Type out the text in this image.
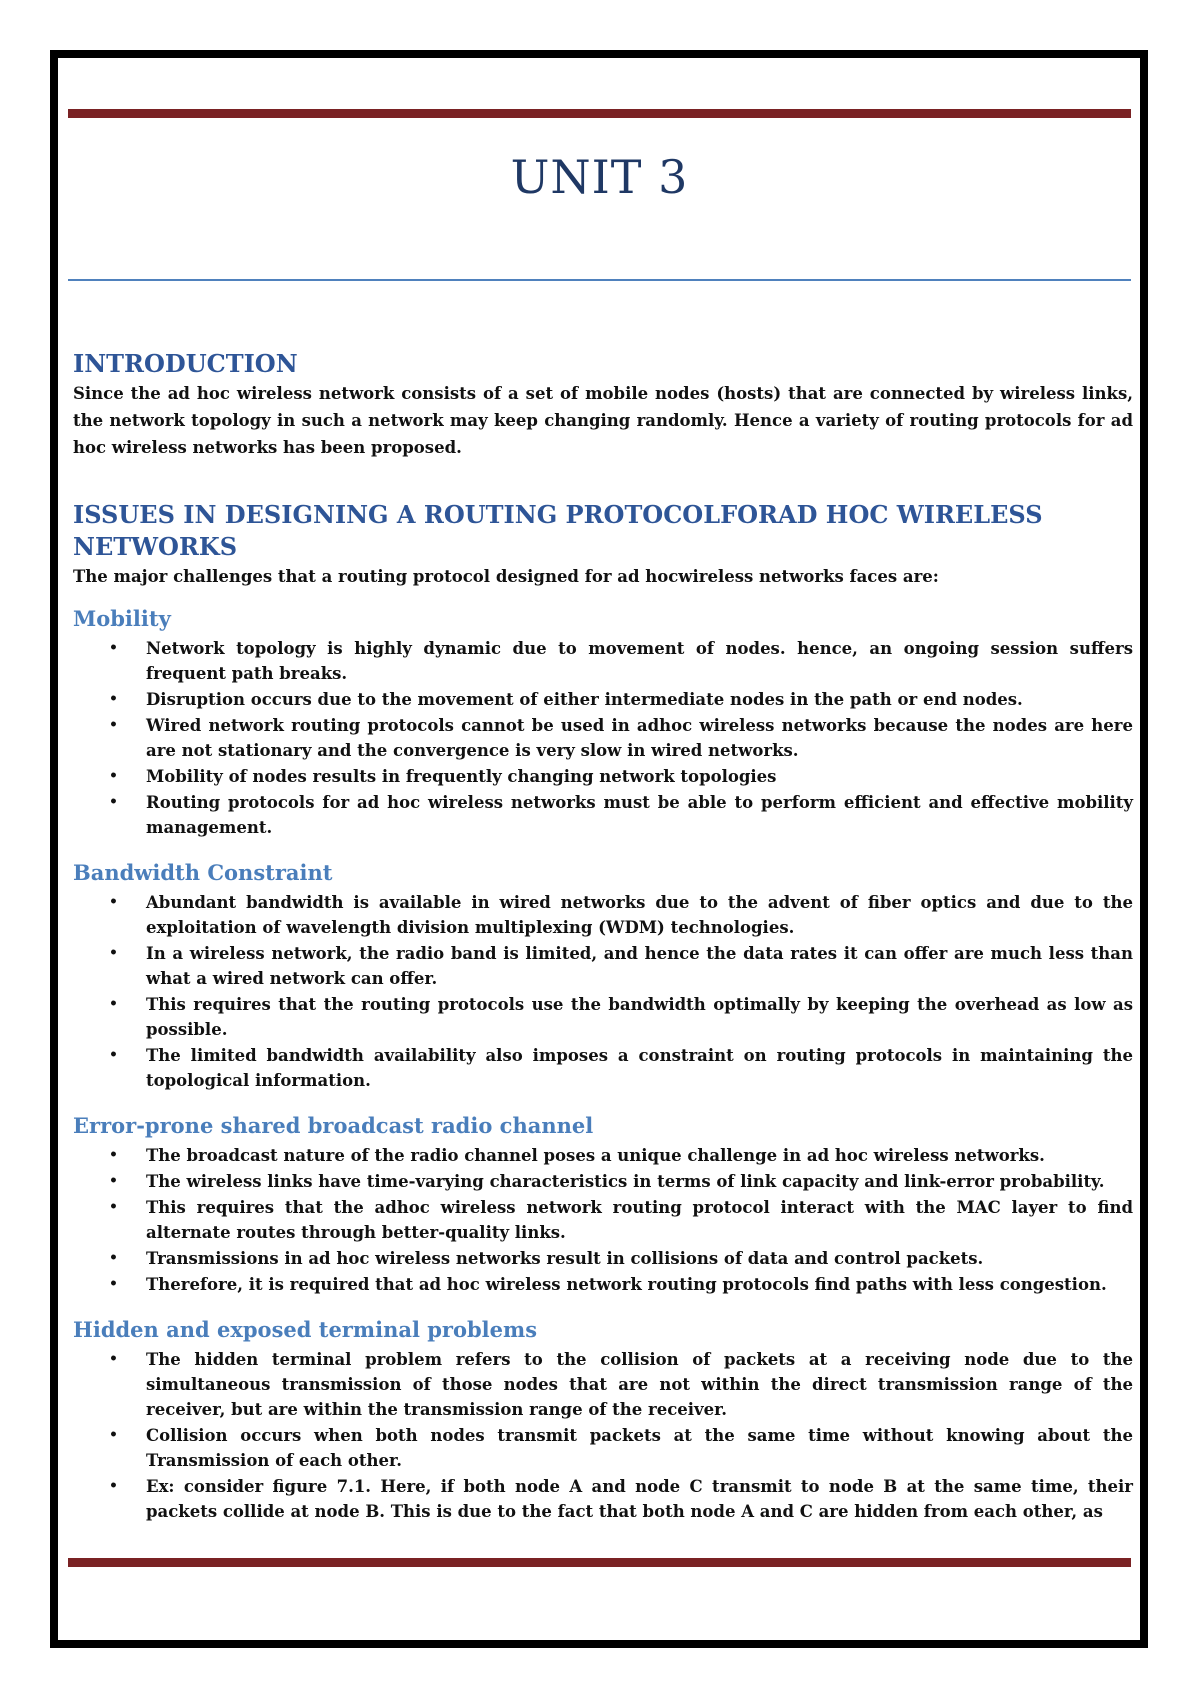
UNIT 3
INTRODUCTION

Since the ad hoc wireless network consists of a set of mobile nodes (hosts) that are connected by wireless links, the network topology in such a network may keep changing randomly. Hence a variety of routing protocols for ad hoc wireless networks has been proposed.

ISSUES IN DESIGNING A ROUTING PROTOCOLFORAD HOC WIRELESS NETWORKS

The major challenges that a routing protocol designed for ad hocwireless networks faces are:

Mobility
• Network topology is highly dynamic due to movement of nodes. hence, an ongoing session suffers frequent path breaks.
• Disruption occurs due to the movement of either intermediate nodes in the path or end nodes.
• Wired network routing protocols cannot be used in adhoc wireless networks because the nodes are here are not stationary and the convergence is very slow in wired networks.
• Mobility of nodes results in frequently changing network topologies
• Routing protocols for ad hoc wireless networks must be able to perform efficient and effective mobility management.
Bandwidth Constraint
• Abundant bandwidth is available in wired networks due to the advent of fiber optics and due to the exploitation of wavelength division multiplexing (WDM) technologies.
• In a wireless network, the radio band is limited, and hence the data rates it can offer are much less than what a wired network can offer.
• This requires that the routing protocols use the bandwidth optimally by keeping the overhead as low as possible.
• The limited bandwidth availability also imposes a constraint on routing protocols in maintaining the topological information.
Error-prone shared broadcast radio channel
• The broadcast nature of the radio channel poses a unique challenge in ad hoc wireless networks.
• The wireless links have time-varying characteristics in terms of link capacity and link-error probability.
• This requires that the adhoc wireless network routing protocol interact with the MAC layer to find alternate routes through better-quality links.
• Transmissions in ad hoc wireless networks result in collisions of data and control packets.
• Therefore, it is required that ad hoc wireless network routing protocols find paths with less congestion.
Hidden and exposed terminal problems
• The hidden terminal problem refers to the collision of packets at a receiving node due to the simultaneous transmission of those nodes that are not within the direct transmission range of the receiver, but are within the transmission range of the receiver.
• Collision occurs when both nodes transmit packets at the same time without knowing about the Transmission of each other.
• Ex: consider figure 7.1. Here, if both node A and node C transmit to node B at the same time, their packets collide at node B. This is due to the fact that both node A and C are hidden from each other, as
